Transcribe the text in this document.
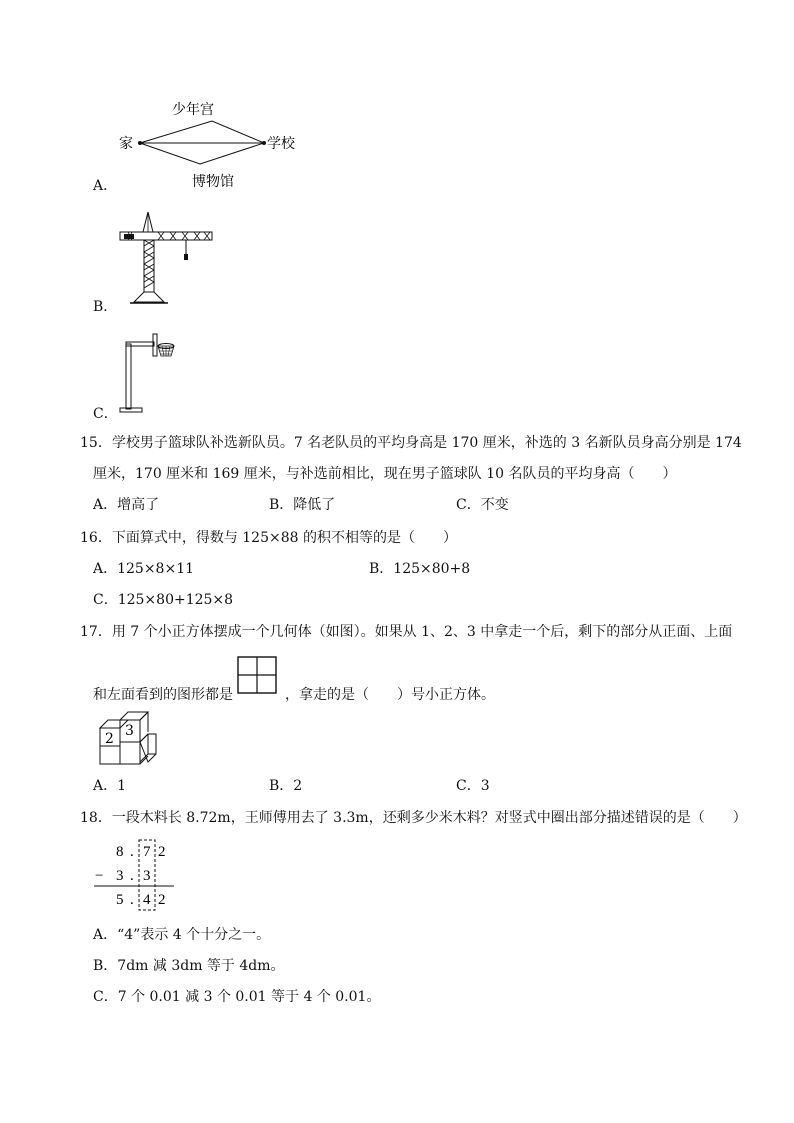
少年宫
家	学校
博物馆
A．
B．
C．
15．学校男子篮球队补选新队员。7 名老队员的平均身高是 170 厘米，补选的 3 名新队员身高分别是 174
厘米，170 厘米和 169 厘米，与补选前相比，现在男子篮球队 10 名队员的平均身高（　　）
A．增高了	B．降低了	C．不变
16．下面算式中，得数与 125×88 的积不相等的是（　　）
A．125×8×11	B．125×80+8
C．125×80+125×8
17．用 7 个小正方体摆成一个几何体（如图）。如果从 1、2、3 中拿走一个后，剩下的部分从正面、上面
和左面看到的图形都是	，拿走的是（　　）号小正方体。
2 3
A．1	B．2	C．3
18．一段木料长 8.72m，王师傅用去了 3.3m，还剩多少米木料？对竖式中圈出部分描述错误的是（　　）
8 . 7 2
− 3 . 3
5 . 4 2
A．“4”表示 4 个十分之一。
B．7dm 减 3dm 等于 4dm。
C．7 个 0.01 减 3 个 0.01 等于 4 个 0.01。
